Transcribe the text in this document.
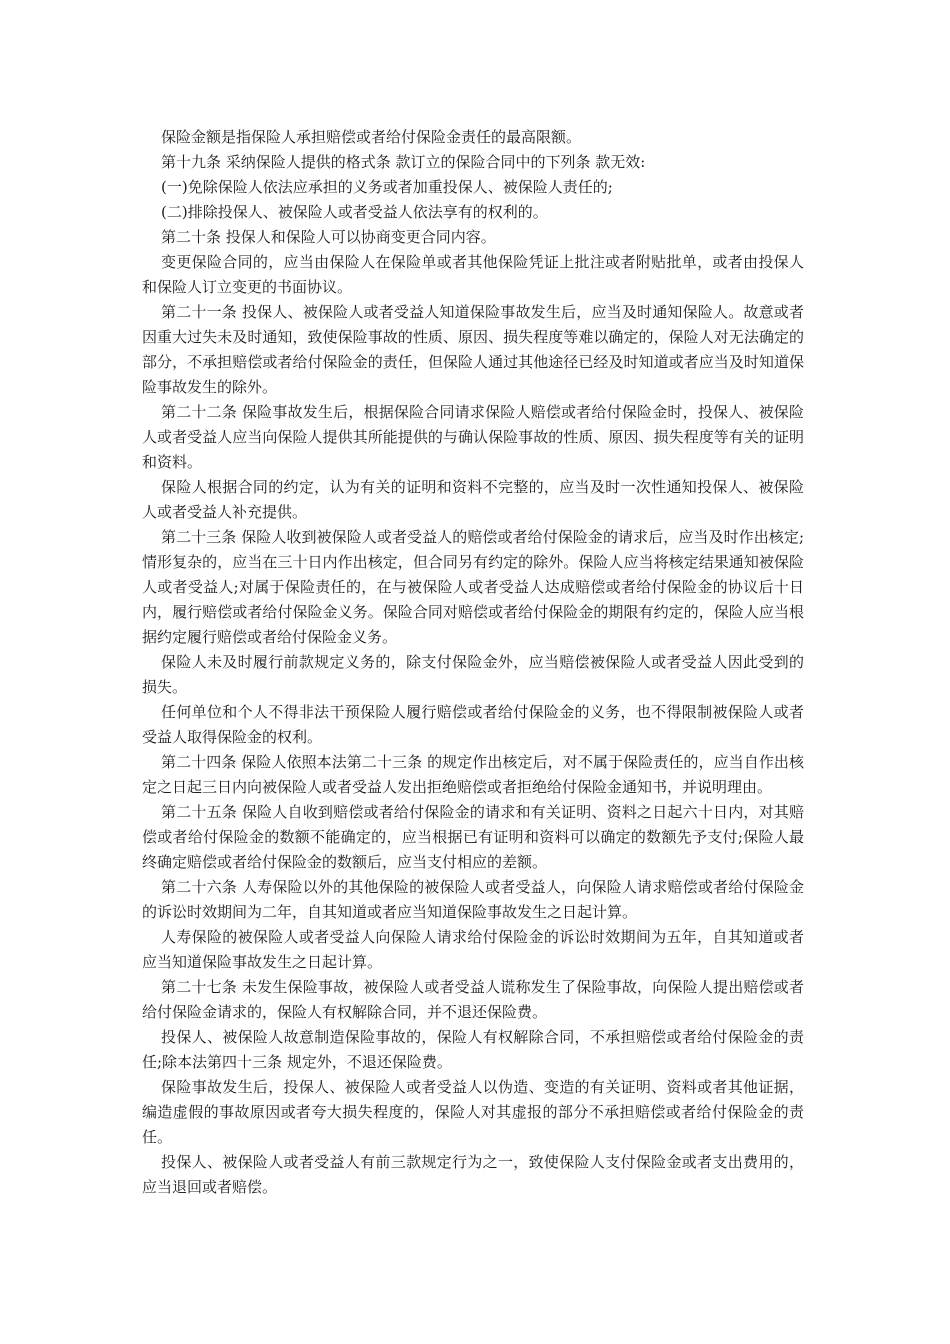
保险金额是指保险人承担赔偿或者给付保险金责任的最高限额。

第十九条 采纳保险人提供的格式条 款订立的保险合同中的下列条 款无效:

(一)免除保险人依法应承担的义务或者加重投保人、被保险人责任的;

(二)排除投保人、被保险人或者受益人依法享有的权利的。

第二十条 投保人和保险人可以协商变更合同内容。

变更保险合同的，应当由保险人在保险单或者其他保险凭证上批注或者附贴批单，或者由投保人和保险人订立变更的书面协议。

第二十一条 投保人、被保险人或者受益人知道保险事故发生后，应当及时通知保险人。故意或者因重大过失未及时通知，致使保险事故的性质、原因、损失程度等难以确定的，保险人对无法确定的部分，不承担赔偿或者给付保险金的责任，但保险人通过其他途径已经及时知道或者应当及时知道保险事故发生的除外。

第二十二条 保险事故发生后，根据保险合同请求保险人赔偿或者给付保险金时，投保人、被保险人或者受益人应当向保险人提供其所能提供的与确认保险事故的性质、原因、损失程度等有关的证明和资料。

保险人根据合同的约定，认为有关的证明和资料不完整的，应当及时一次性通知投保人、被保险人或者受益人补充提供。

第二十三条 保险人收到被保险人或者受益人的赔偿或者给付保险金的请求后，应当及时作出核定;情形复杂的，应当在三十日内作出核定，但合同另有约定的除外。保险人应当将核定结果通知被保险人或者受益人;对属于保险责任的，在与被保险人或者受益人达成赔偿或者给付保险金的协议后十日内，履行赔偿或者给付保险金义务。保险合同对赔偿或者给付保险金的期限有约定的，保险人应当根据约定履行赔偿或者给付保险金义务。

保险人未及时履行前款规定义务的，除支付保险金外，应当赔偿被保险人或者受益人因此受到的损失。

任何单位和个人不得非法干预保险人履行赔偿或者给付保险金的义务，也不得限制被保险人或者受益人取得保险金的权利。

第二十四条 保险人依照本法第二十三条 的规定作出核定后，对不属于保险责任的，应当自作出核定之日起三日内向被保险人或者受益人发出拒绝赔偿或者拒绝给付保险金通知书，并说明理由。

第二十五条 保险人自收到赔偿或者给付保险金的请求和有关证明、资料之日起六十日内，对其赔偿或者给付保险金的数额不能确定的，应当根据已有证明和资料可以确定的数额先予支付;保险人最终确定赔偿或者给付保险金的数额后，应当支付相应的差额。

第二十六条 人寿保险以外的其他保险的被保险人或者受益人，向保险人请求赔偿或者给付保险金的诉讼时效期间为二年，自其知道或者应当知道保险事故发生之日起计算。

人寿保险的被保险人或者受益人向保险人请求给付保险金的诉讼时效期间为五年，自其知道或者应当知道保险事故发生之日起计算。

第二十七条 未发生保险事故，被保险人或者受益人谎称发生了保险事故，向保险人提出赔偿或者给付保险金请求的，保险人有权解除合同，并不退还保险费。

投保人、被保险人故意制造保险事故的，保险人有权解除合同，不承担赔偿或者给付保险金的责任;除本法第四十三条 规定外，不退还保险费。

保险事故发生后，投保人、被保险人或者受益人以伪造、变造的有关证明、资料或者其他证据，编造虚假的事故原因或者夸大损失程度的，保险人对其虚报的部分不承担赔偿或者给付保险金的责任。

投保人、被保险人或者受益人有前三款规定行为之一，致使保险人支付保险金或者支出费用的，应当退回或者赔偿。
